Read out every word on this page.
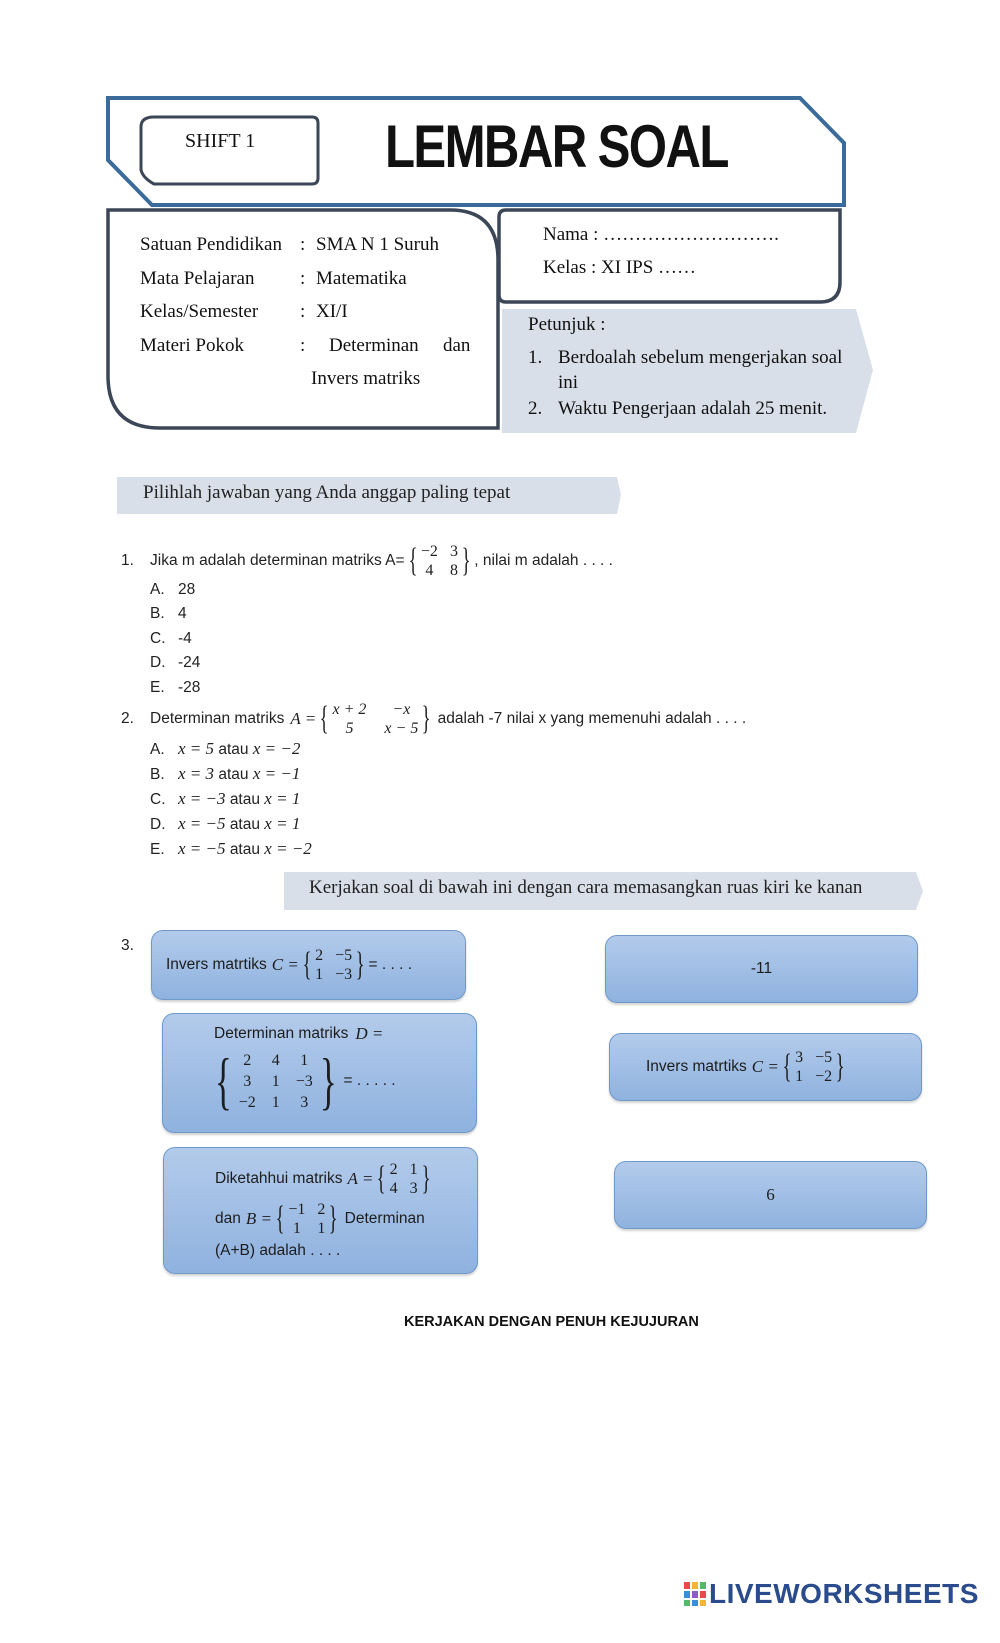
SHIFT 1 LEMBAR SOAL
Satuan Pendidikan : SMA N 1 Suruh
Mata Pelajaran : Matematika
Kelas/Semester : XI/I
Materi Pokok	: Determinan dan
Invers matriks
Nama : ……………………….
Kelas : XI IPS ……
Petunjuk :
1. Berdoalah sebelum mengerjakan soal
ini
2. Waktu Pengerjaan adalah 25 menit.
Pilihlah jawaban yang Anda anggap paling tepat
1.	Jika m adalah determinan matriks A= { −2 3
4 8 } , nilai m adalah . . . .
A. 28
B. 4
C. -4
D. -24
E. -28
2.	Determinan matriks A = { x + 2	−x
5	x − 5 } adalah -7 nilai x yang memenuhi adalah . . . .
A. x = 5 atau x = −2
B. x = 3 atau x = −1
C. x = −3 atau x = 1
D. x = −5 atau x = 1
E. x = −5 atau x = −2
Kerjakan soal di bawah ini dengan cara memasangkan ruas kiri ke kanan
3.
Invers matrtiks C = { 2 −5
1 −3 } = . . . .
Determinan matriks D =
{ 2 4 1
3 1 −3
−2 1 3 } = . . . . .
Diketahhui matriks A = { 2 1
4 3 }
dan B = { −1 2
1 1 } Determinan
(A+B) adalah . . . .
-11
Invers matrtiks C = { 3 −5
1 −2 }
6
KERJAKAN DENGAN PENUH KEJUJURAN
LIVEWORKSHEETS
